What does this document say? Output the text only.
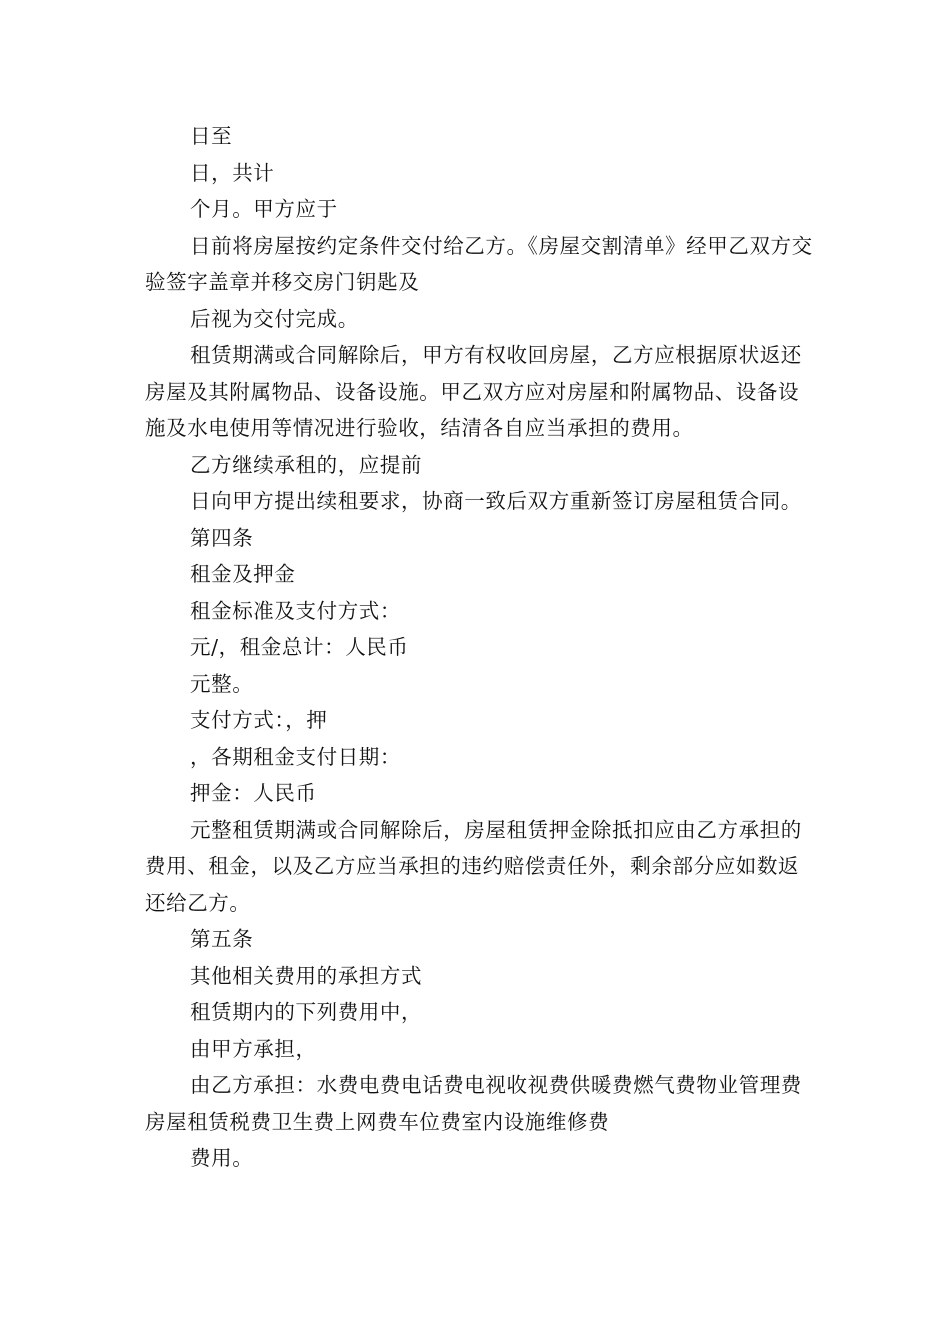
日至

日，共计

个月。甲方应于

日前将房屋按约定条件交付给乙方。《房屋交割清单》经甲乙双方交验签字盖章并移交房门钥匙及

后视为交付完成。

租赁期满或合同解除后，甲方有权收回房屋，乙方应根据原状返还房屋及其附属物品、设备设施。甲乙双方应对房屋和附属物品、设备设施及水电使用等情况进行验收，结清各自应当承担的费用。

乙方继续承租的，应提前

日向甲方提出续租要求，协商一致后双方重新签订房屋租赁合同。

第四条

租金及押金

租金标准及支付方式：

元/，租金总计：人民币

元整。

支付方式：，押

，各期租金支付日期：

押金：人民币

元整租赁期满或合同解除后，房屋租赁押金除抵扣应由乙方承担的费用、租金，以及乙方应当承担的违约赔偿责任外，剩余部分应如数返还给乙方。

第五条

其他相关费用的承担方式

租赁期内的下列费用中，

由甲方承担，

由乙方承担：水费电费电话费电视收视费供暖费燃气费物业管理费房屋租赁税费卫生费上网费车位费室内设施维修费

费用。
